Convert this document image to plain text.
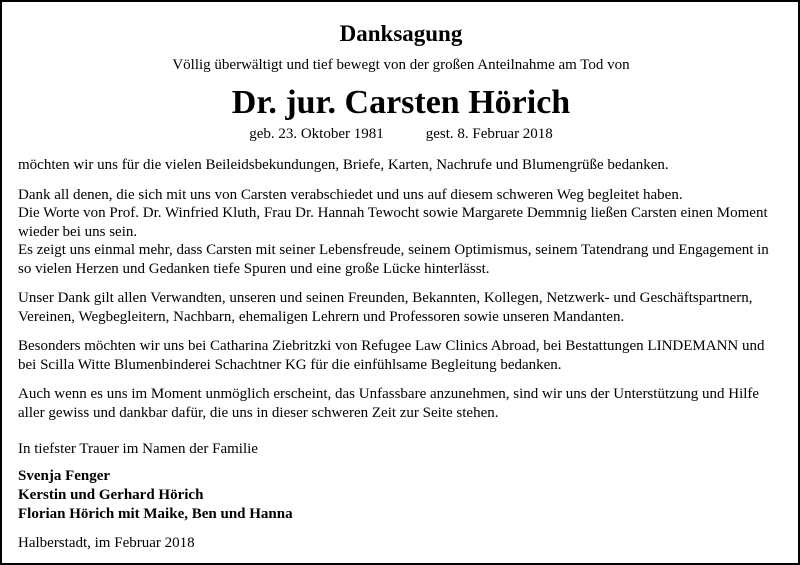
Danksagung
Völlig überwältigt und tief bewegt von der großen Anteilnahme am Tod von
Dr. jur. Carsten Hörich
geb. 23. Oktober 1981	gest. 8. Februar 2018

möchten wir uns für die vielen Beileidsbekundungen, Briefe, Karten, Nachrufe und Blumengrüße bedanken.

Dank all denen, die sich mit uns von Carsten verabschiedet und uns auf diesem schweren Weg begleitet haben.
Die Worte von Prof. Dr. Winfried Kluth, Frau Dr. Hannah Tewocht sowie Margarete Demmnig ließen Carsten einen Moment wieder bei uns sein.
Es zeigt uns einmal mehr, dass Carsten mit seiner Lebensfreude, seinem Optimismus, seinem Tatendrang und Engagement in so vielen Herzen und Gedanken tiefe Spuren und eine große Lücke hinterlässt.

Unser Dank gilt allen Verwandten, unseren und seinen Freunden, Bekannten, Kollegen, Netzwerk- und Geschäftspartnern, Vereinen, Wegbegleitern, Nachbarn, ehemaligen Lehrern und Professoren sowie unseren Mandanten.

Besonders möchten wir uns bei Catharina Ziebritzki von Refugee Law Clinics Abroad, bei Bestattungen LINDEMANN und bei Scilla Witte Blumenbinderei Schachtner KG für die einfühlsame Begleitung bedanken.

Auch wenn es uns im Moment unmöglich erscheint, das Unfassbare anzunehmen, sind wir uns der Unterstützung und Hilfe aller gewiss und dankbar dafür, die uns in dieser schweren Zeit zur Seite stehen.

In tiefster Trauer im Namen der Familie
Svenja Fenger
Kerstin und Gerhard Hörich
Florian Hörich mit Maike, Ben und Hanna
Halberstadt, im Februar 2018
